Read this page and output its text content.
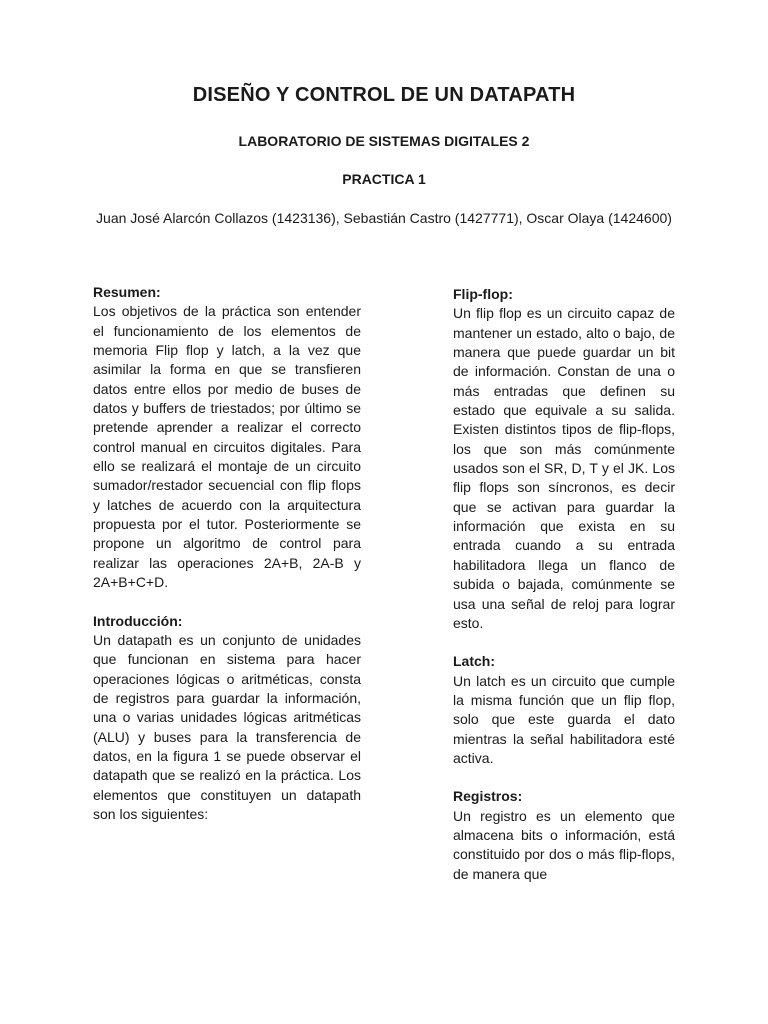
DISEÑO Y CONTROL DE UN DATAPATH
LABORATORIO DE SISTEMAS DIGITALES 2
PRACTICA 1
Juan José Alarcón Collazos (1423136), Sebastián Castro (1427771), Oscar Olaya (1424600)
Resumen:
Los objetivos de la práctica son entender el funcionamiento de los elementos de memoria Flip flop y latch, a la vez que asimilar la forma en que se transfieren datos entre ellos por medio de buses de datos y buffers de triestados; por último se pretende aprender a realizar el correcto control manual en circuitos digitales. Para ello se realizará el montaje de un circuito sumador/restador secuencial con flip flops y latches de acuerdo con la arquitectura propuesta por el tutor. Posteriormente se propone un algoritmo de control para realizar las operaciones 2A+B, 2A-B y 2A+B+C+D.
Introducción:
Un datapath es un conjunto de unidades que funcionan en sistema para hacer operaciones lógicas o aritméticas, consta de registros para guardar la información, una o varias unidades lógicas aritméticas (ALU) y buses para la transferencia de datos, en la figura 1 se puede observar el datapath que se realizó en la práctica. Los elementos que constituyen un datapath son los siguientes:
Flip-flop:
Un flip flop es un circuito capaz de mantener un estado, alto o bajo, de manera que puede guardar un bit de información. Constan de una o más entradas que definen su estado que equivale a su salida. Existen distintos tipos de flip-flops, los que son más comúnmente usados son el SR, D, T y el JK. Los flip flops son síncronos, es decir que se activan para guardar la información que exista en su entrada cuando a su entrada habilitadora llega un flanco de subida o bajada, comúnmente se usa una señal de reloj para lograr esto.
Latch:
Un latch es un circuito que cumple la misma función que un flip flop, solo que este guarda el dato mientras la señal habilitadora esté activa.
Registros:
Un registro es un elemento que almacena bits o información, está constituido por dos o más flip-flops, de manera que
